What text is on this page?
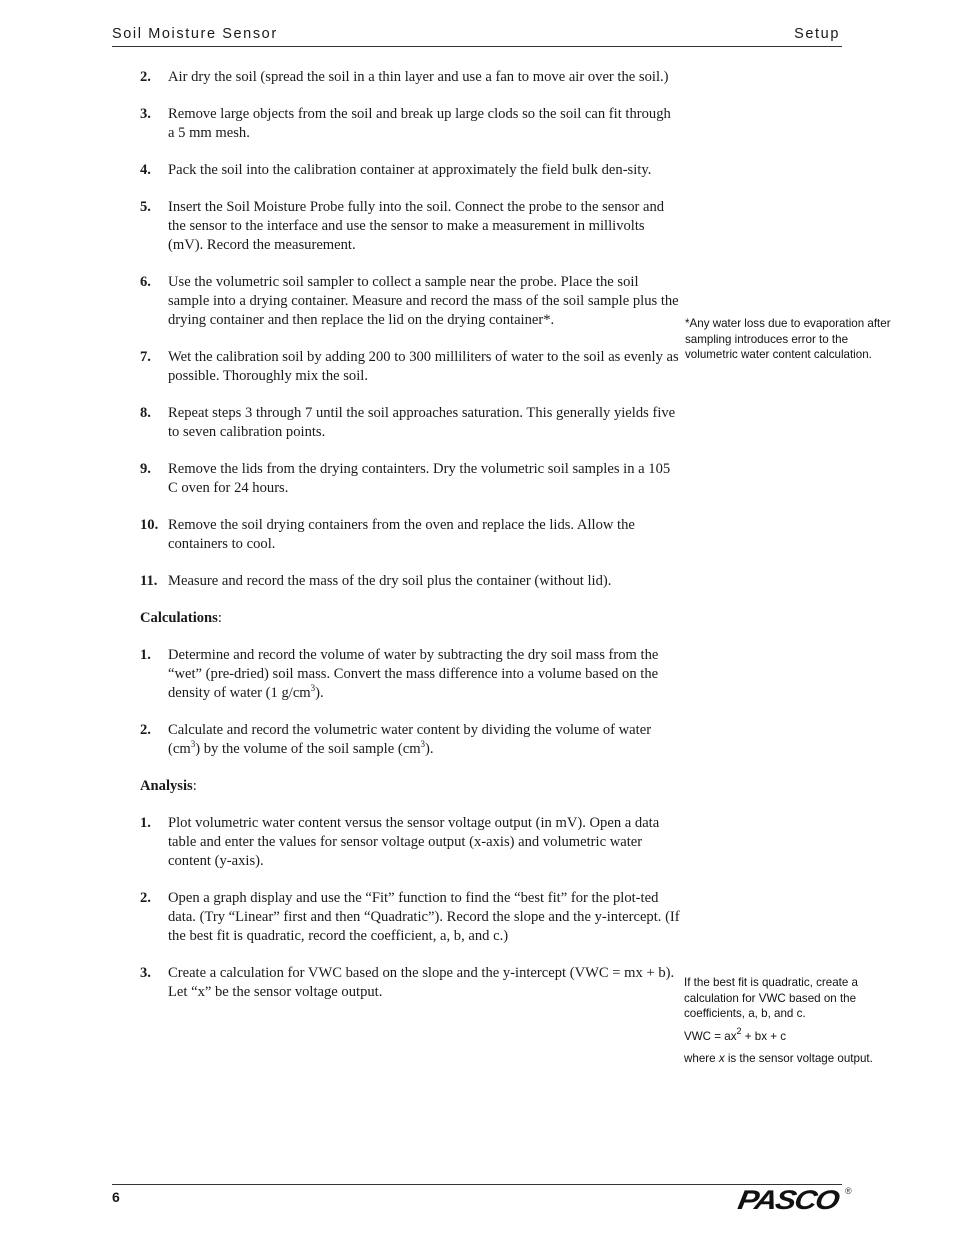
Soil Moisture Sensor	Setup
2. Air dry the soil (spread the soil in a thin layer and use a fan to move air over the soil.)
3. Remove large objects from the soil and break up large clods so the soil can fit through a 5 mm mesh.
4. Pack the soil into the calibration container at approximately the field bulk den-sity.
5. Insert the Soil Moisture Probe fully into the soil. Connect the probe to the sensor and the sensor to the interface and use the sensor to make a measurement in millivolts (mV). Record the measurement.
6. Use the volumetric soil sampler to collect a sample near the probe. Place the soil sample into a drying container. Measure and record the mass of the soil sample plus the drying container and then replace the lid on the drying container*.
7. Wet the calibration soil by adding 200 to 300 milliliters of water to the soil as evenly as possible. Thoroughly mix the soil.
8. Repeat steps 3 through 7 until the soil approaches saturation. This generally yields five to seven calibration points.
9. Remove the lids from the drying containters. Dry the volumetric soil samples in a 105 C oven for 24 hours.
10. Remove the soil drying containers from the oven and replace the lids. Allow the containers to cool.
11. Measure and record the mass of the dry soil plus the container (without lid).
Calculations:
1. Determine and record the volume of water by subtracting the dry soil mass from the “wet” (pre-dried) soil mass. Convert the mass difference into a volume based on the density of water (1 $g/cm^3$).
2. Calculate and record the volumetric water content by dividing the volume of water $(cm^3)$ by the volume of the soil sample $(cm^3)$.
Analysis:
1. Plot volumetric water content versus the sensor voltage output (in mV). Open a data table and enter the values for sensor voltage output (x-axis) and volumetric water content (y-axis).
2. Open a graph display and use the “Fit” function to find the “best fit” for the plot-ted data. (Try “Linear” first and then “Quadratic”). Record the slope and the y-intercept. (If the best fit is quadratic, record the coefficient, a, b, and c.)
3. Create a calculation for VWC based on the slope and the y-intercept (VWC = mx + b). Let “x” be the sensor voltage output.

*Any water loss due to evaporation after sampling introduces error to the volumetric water content calculation.

If the best fit is quadratic, create a calculation for VWC based on the coefficients, a, b, and c.

VWC = $ax^2$ + bx + c

where x is the sensor voltage output.

6	PASCO ®
